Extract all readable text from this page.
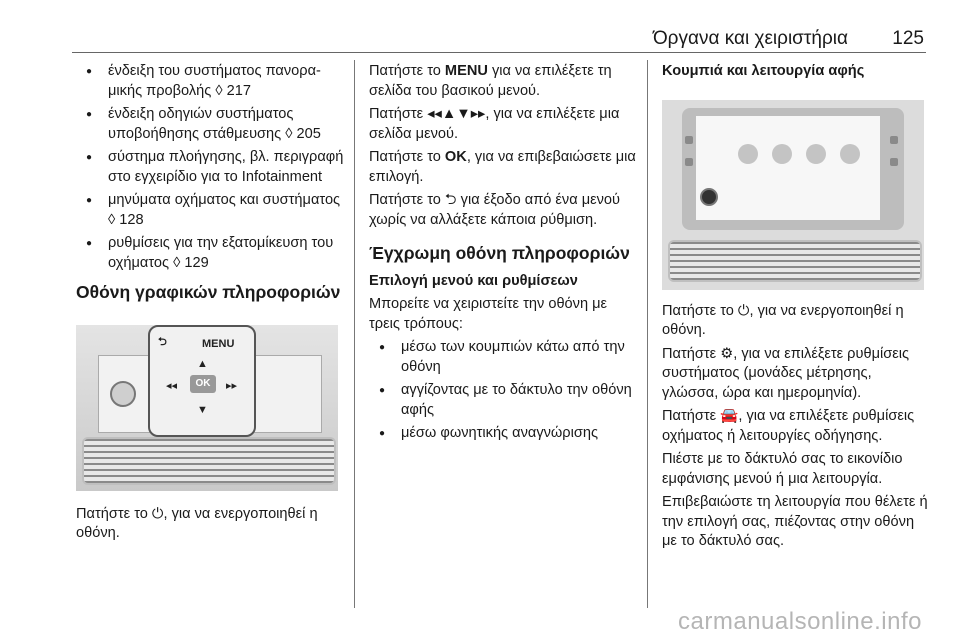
Όργανα και χειριστήρια 125
● ένδειξη του συστήματος πανοραμικής προβολής ◊ 217
● ένδειξη οδηγιών συστήματος υποβοήθησης στάθμευσης ◊ 205
● σύστημα πλοήγησης, βλ. περιγραφή στο εγχειρίδιο για το Infotainment
● μηνύματα οχήματος και συστήματος ◊ 128
● ρυθμίσεις για την εξατομίκευση του οχήματος ◊ 129
Οθόνη γραφικών πληροφοριών
⮌	MENU
▲
◂◂	OK	▸▸
▼

Πατήστε το ⏻, για να ενεργοποιηθεί η οθόνη.

Πατήστε το MENU για να επιλέξετε τη σελίδα του βασικού μενού.

Πατήστε ◂◂▲▼▸▸, για να επιλέξετε μια σελίδα μενού.

Πατήστε το OK, για να επιβεβαιώσετε μια επιλογή.

Πατήστε το ⮌ για έξοδο από ένα μενού χωρίς να αλλάξετε κάποια ρύθμιση.

Έγχρωμη οθόνη πληροφοριών

Επιλογή μενού και ρυθμίσεων

Μπορείτε να χειριστείτε την οθόνη με τρεις τρόπους:

● μέσω των κουμπιών κάτω από την οθόνη
● αγγίζοντας με το δάκτυλο την οθόνη αφής
● μέσω φωνητικής αναγνώρισης

Κουμπιά και λειτουργία αφής

Πατήστε το ⏻, για να ενεργοποιηθεί η οθόνη.

Πατήστε ⚙, για να επιλέξετε ρυθμίσεις συστήματος (μονάδες μέτρησης, γλώσσα, ώρα και ημερομηνία).

Πατήστε 🚘, για να επιλέξετε ρυθμίσεις οχήματος ή λειτουργίες οδήγησης.

Πιέστε με το δάκτυλό σας το εικονίδιο εμφάνισης μενού ή μια λειτουργία.

Επιβεβαιώστε τη λειτουργία που θέλετε ή την επιλογή σας, πιέζοντας στην οθόνη με το δάκτυλό σας.

carmanualsonline.info
